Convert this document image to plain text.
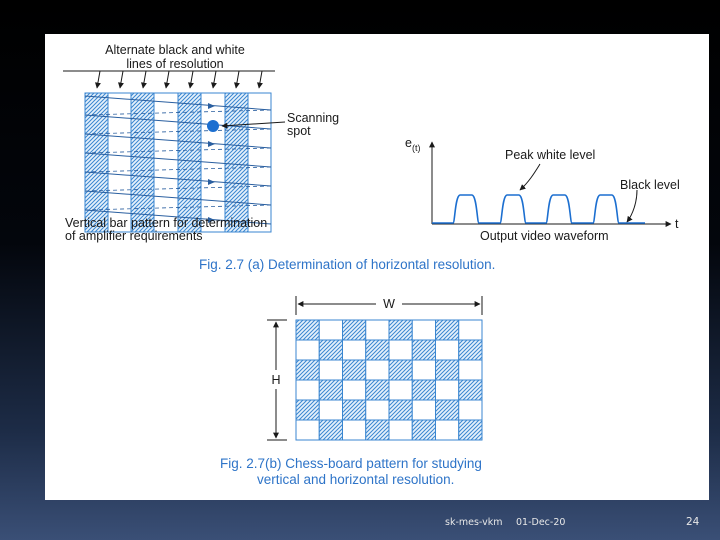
Alternate black and white
lines of resolution
Scanning
spot
Vertical bar pattern for determination
of amplifier requirements
$e_{(t)}$
t
Peak white level
Black level
Output video waveform
Fig. 2.7 (a) Determination of horizontal resolution.
W
H
Fig. 2.7(b) Chess-board pattern for studying
vertical and horizontal resolution.
sk-mes-vkm 01-Dec-20	24
